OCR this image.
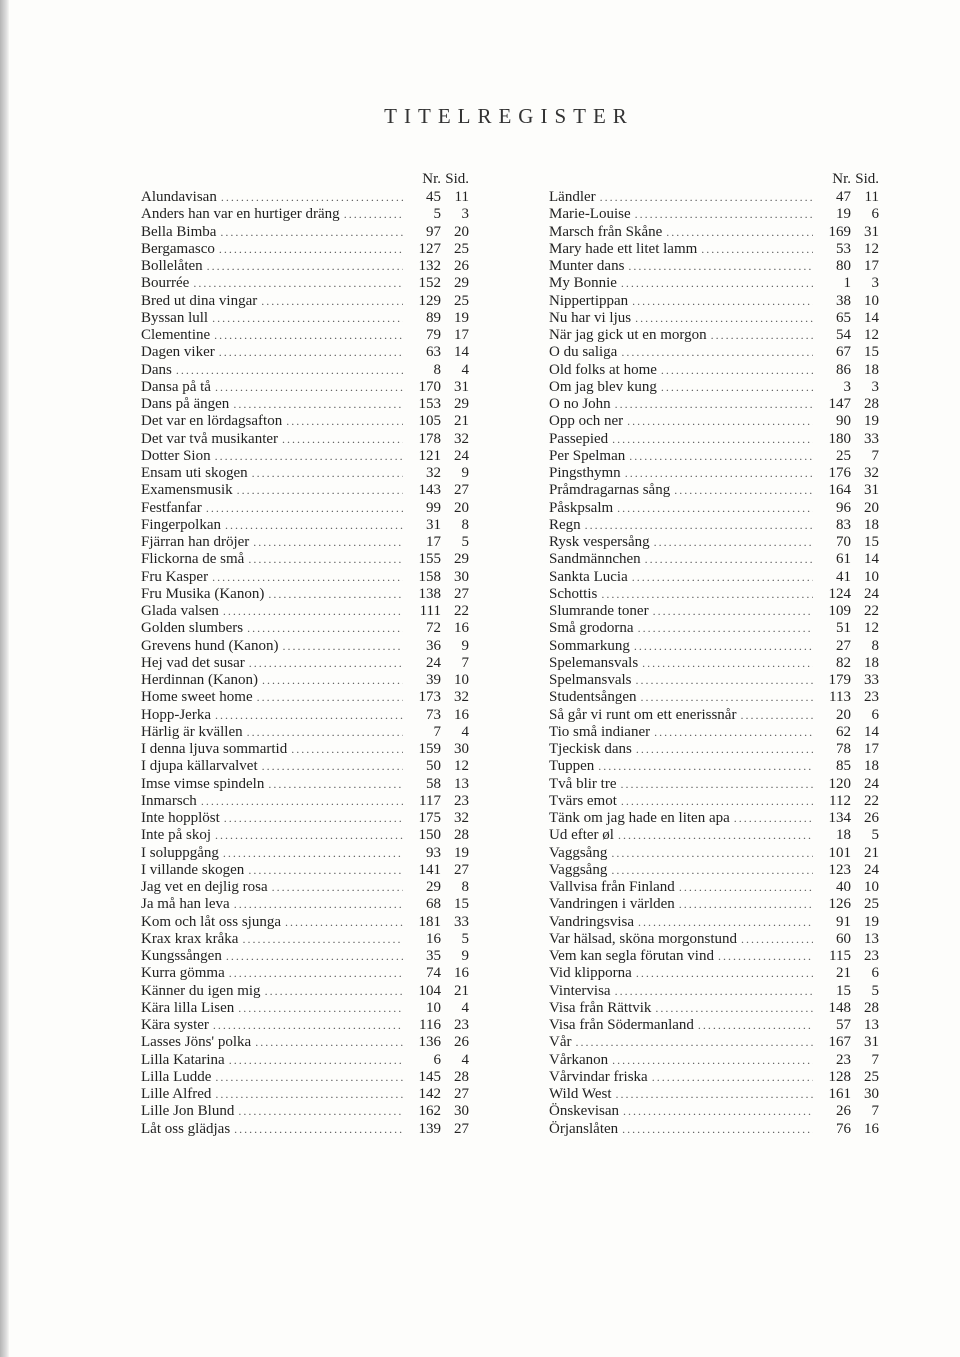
TITELREGISTER
Nr. Sid.
Alundavisan .....	45 11
Anders han var en hurtiger dräng .....	5	3
Bella Bimba .....	97 20
Bergamasco .....	127 25
Bollelåten .....	132 26
Bourrée .....	152 29
Bred ut dina vingar .....	129 25
Byssan lull .....	89 19
Clementine .....	79 17
Dagen viker .....	63 14
Dans .....	8	4
Dansa på tå .....	170 31
Dans på ängen .....	153 29
Det var en lördagsafton .....	105 21
Det var två musikanter .....	178 32
Dotter Sion .....	121 24
Ensam uti skogen .....	32	9
Examensmusik .....	143 27
Festfanfar .....	99 20
Fingerpolkan .....	31	8
Fjärran han dröjer .....	17	5
Flickorna de små .....	155 29
Fru Kasper .....	158 30
Fru Musika (Kanon) .....	138 27
Glada valsen .....	111 22
Golden slumbers .....	72 16
Grevens hund (Kanon) .....	36	9
Hej vad det susar .....	24	7
Herdinnan (Kanon) .....	39 10
Home sweet home .....	173 32
Hopp-Jerka .....	73 16
Härlig är kvällen .....	7	4
I denna ljuva sommartid .....	159 30
I djupa källarvalvet .....	50 12
Imse vimse spindeln .....	58 13
Inmarsch .....	117 23
Inte hopplöst .....	175 32
Inte på skoj .....	150 28
I soluppgång .....	93 19
I villande skogen .....	141 27
Jag vet en dejlig rosa .....	29	8
Ja må han leva .....	68 15
Kom och låt oss sjunga .....	181 33
Krax krax kråka .....	16	5
Kungssången .....	35	9
Kurra gömma .....	74 16
Känner du igen mig .....	104 21
Kära lilla Lisen .....	10	4
Kära syster .....	116 23
Lasses Jöns' polka .....	136 26
Lilla Katarina .....	6	4
Lilla Ludde .....	145 28
Lille Alfred .....	142 27
Lille Jon Blund .....	162 30
Låt oss glädjas .....	139 27
Nr. Sid.
Ländler .....	47 11
Marie-Louise .....	19	6
Marsch från Skåne .....	169 31
Mary hade ett litet lamm .....	53 12
Munter dans .....	80 17
My Bonnie .....	1	3
Nippertippan .....	38 10
Nu har vi ljus .....	65 14
När jag gick ut en morgon .....	54 12
O du saliga .....	67 15
Old folks at home .....	86 18
Om jag blev kung .....	3	3
O no John .....	147 28
Opp och ner .....	90 19
Passepied .....	180 33
Per Spelman .....	25	7
Pingsthymn .....	176 32
Pråmdragarnas sång .....	164 31
Påskpsalm .....	96 20
Regn .....	83 18
Rysk vespersång .....	70 15
Sandmännchen .....	61 14
Sankta Lucia .....	41 10
Schottis .....	124 24
Slumrande toner .....	109 22
Små grodorna .....	51 12
Sommarkung .....	27	8
Spelemansvals .....	82 18
Spelmansvals .....	179 33
Studentsången .....	113 23
Så går vi runt om ett enerissnår .....	20	6
Tio små indianer .....	62 14
Tjeckisk dans .....	78 17
Tuppen .....	85 18
Två blir tre .....	120 24
Tvärs emot .....	112 22
Tänk om jag hade en liten apa .....	134 26
Ud efter øl .....	18	5
Vaggsång .....	101 21
Vaggsång .....	123 24
Vallvisa från Finland .....	40 10
Vandringen i världen .....	126 25
Vandringsvisa .....	91 19
Var hälsad, sköna morgonstund .....	60 13
Vem kan segla förutan vind .....	115 23
Vid klipporna .....	21	6
Vintervisa .....	15	5
Visa från Rättvik .....	148 28
Visa från Södermanland .....	57 13
Vår .....	167 31
Vårkanon .....	23	7
Vårvindar friska .....	128 25
Wild West .....	161 30
Önskevisan .....	26	7
Örjanslåten .....	76 16
